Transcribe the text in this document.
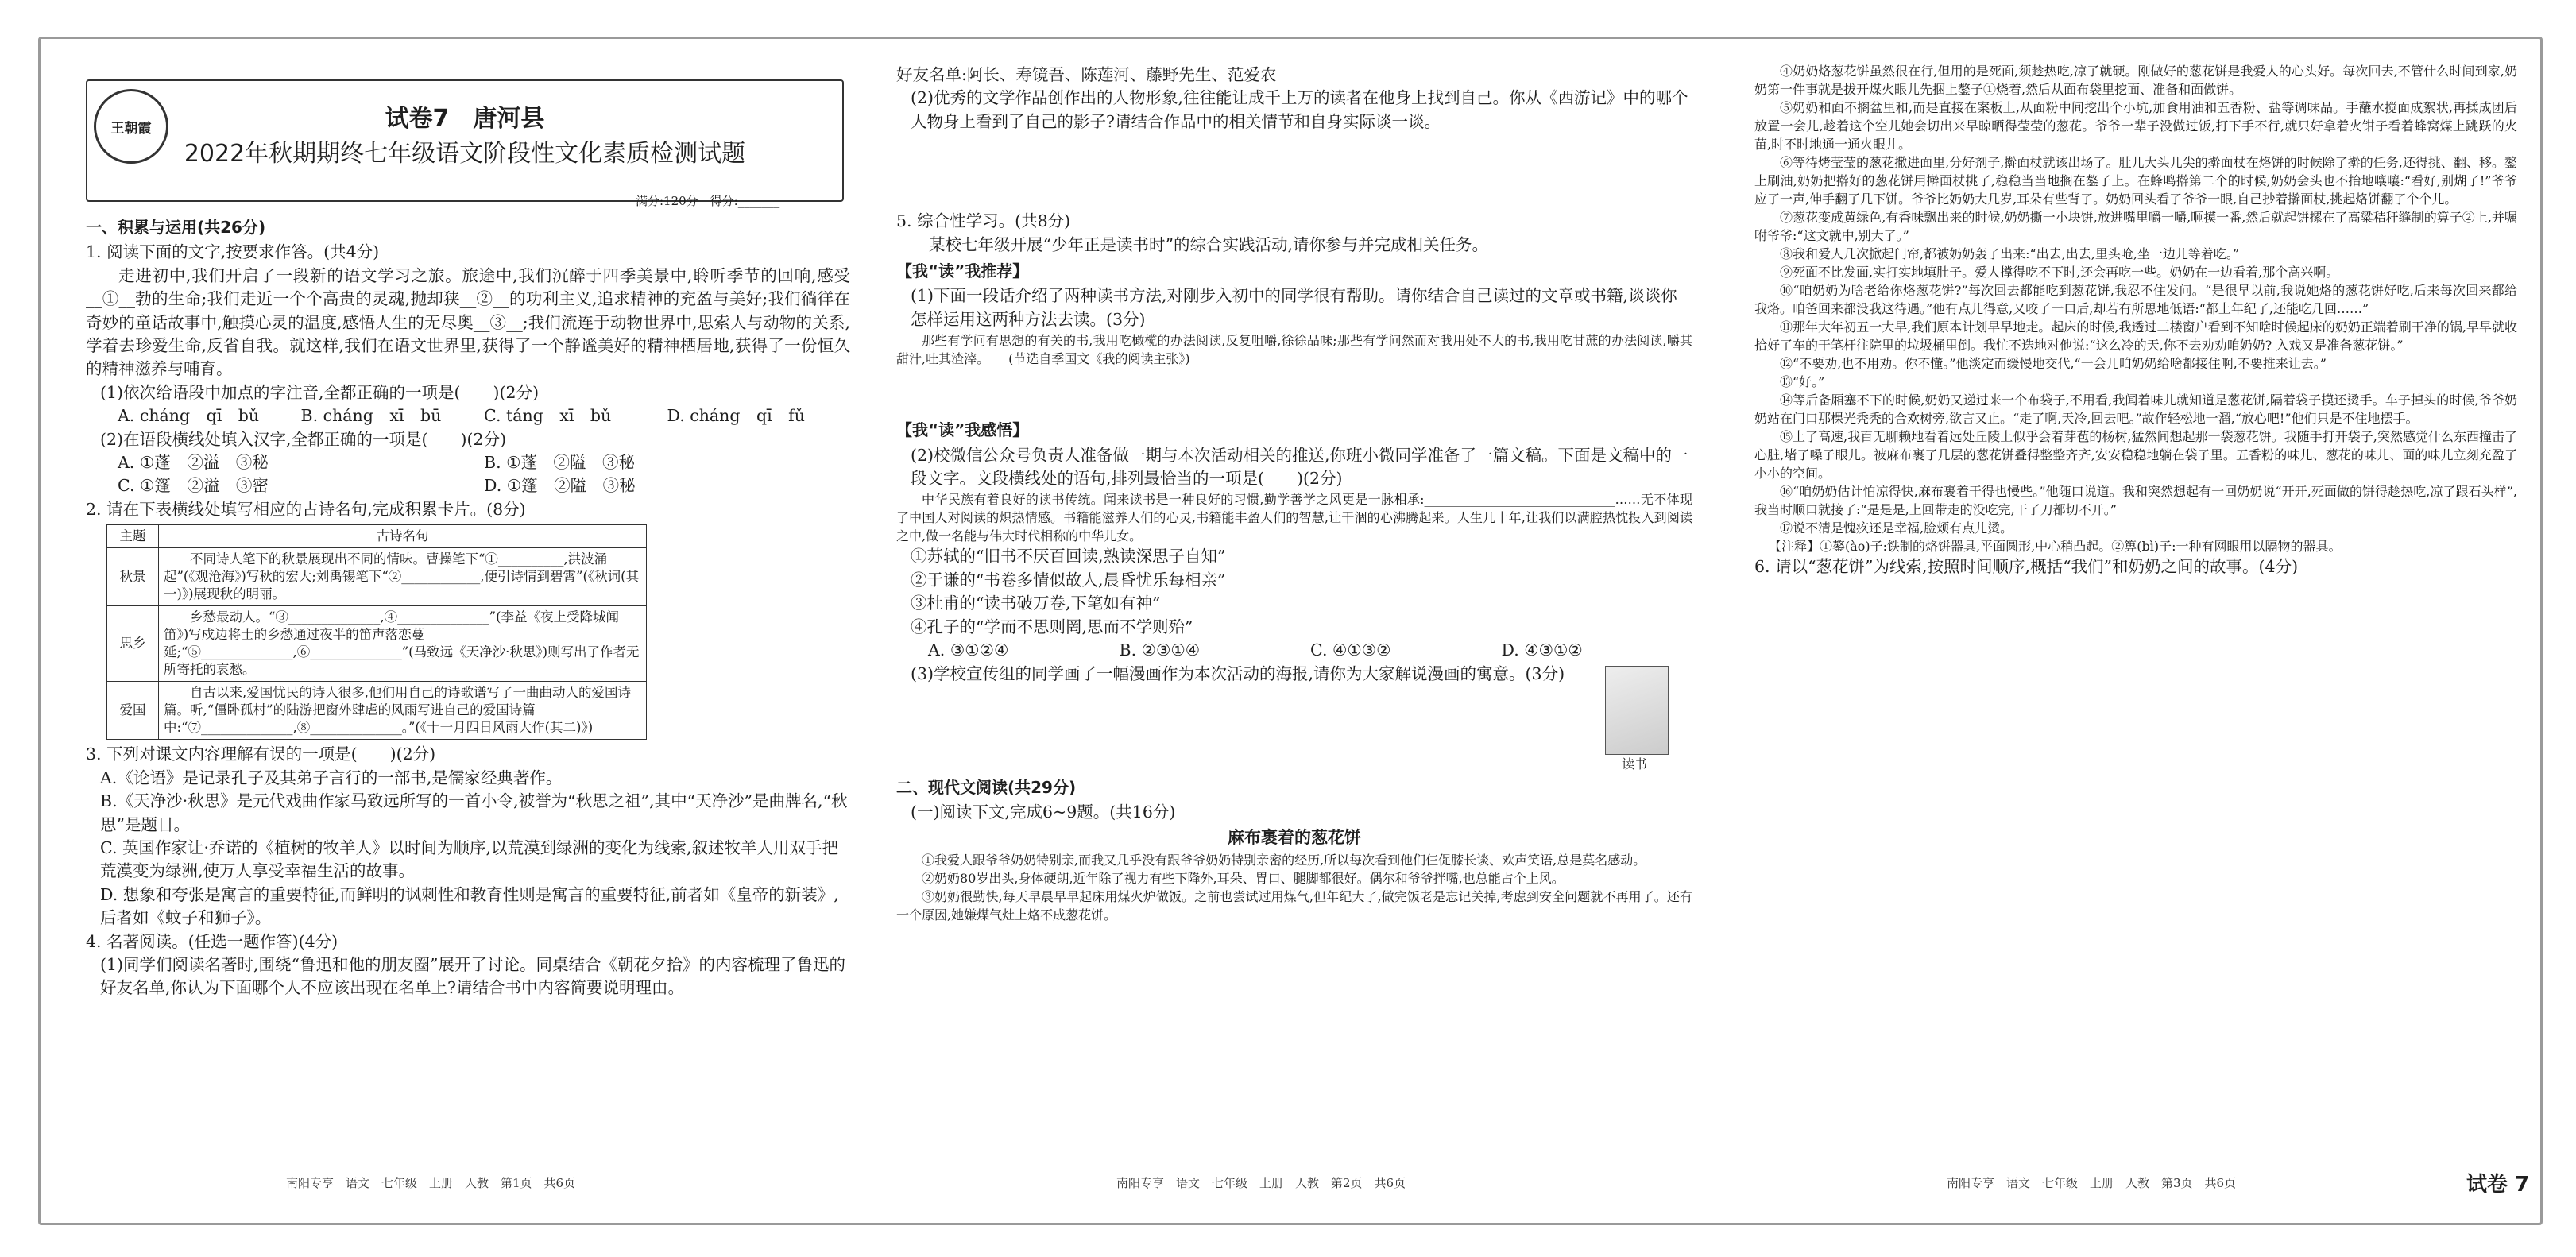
王朝霞	试卷7　唐河县
2022年秋期期终七年级语文阶段性文化素质检测试题
满分:120分　得分:_______

一、积累与运用(共26分)

1. 阅读下面的文字,按要求作答。(共4分)

走进初中,我们开启了一段新的语文学习之旅。旅途中,我们沉醉于四季美景中,聆听季节的回响,感受__①__勃的生命;我们走近一个个高贵的灵魂,抛却狭__②__的功利主义,追求精神的充盈与美好;我们徜徉在奇妙的童话故事中,触摸心灵的温度,感悟人生的无尽奥__③__;我们流连于动物世界中,思索人与动物的关系,学着去珍爱生命,反省自我。就这样,我们在语文世界里,获得了一个静谧美好的精神栖居地,获得了一份恒久的精神滋养与哺育。

(1)依次给语段中加点的字注音,全都正确的一项是(　　)(2分)

A. cháng　qī　bǔ	B. cháng　xī　bū	C. táng　xī　bǔ	D. cháng　qī　fǔ

(2)在语段横线处填入汉字,全都正确的一项是(　　)(2分)

A. ①蓬　②溢　③秘	B. ①蓬　②隘　③秘
C. ①篷　②溢　③密	D. ①篷　②隘　③秘

2. 请在下表横线处填写相应的古诗名句,完成积累卡片。(8分)

主题	古诗名句
秋景	不同诗人笔下的秋景展现出不同的情味。曹操笔下“①__________,洪波涌起”(《观沧海》)写秋的宏大;刘禹锡笔下“②____________,便引诗情到碧霄”(《秋词(其一)》)展现秋的明丽。
思乡	乡愁最动人。“③______________,④______________”(李益《夜上受降城闻笛》)写戍边将士的乡愁通过夜半的笛声落恋蔓延;“⑤______________,⑥______________”(马致远《天净沙·秋思》)则写出了作者无所寄托的哀愁。
爱国	自古以来,爱国忧民的诗人很多,他们用自己的诗歌谱写了一曲曲动人的爱国诗篇。听,“僵卧孤村”的陆游把窗外肆虐的风雨写进自己的爱国诗篇中:“⑦______________,⑧______________。”(《十一月四日风雨大作(其二)》)

3. 下列对课文内容理解有误的一项是(　　)(2分)

A.《论语》是记录孔子及其弟子言行的一部书,是儒家经典著作。

B.《天净沙·秋思》是元代戏曲作家马致远所写的一首小令,被誉为“秋思之祖”,其中“天净沙”是曲牌名,“秋思”是题目。

C. 英国作家让·乔诺的《植树的牧羊人》以时间为顺序,以荒漠到绿洲的变化为线索,叙述牧羊人用双手把荒漠变为绿洲,使万人享受幸福生活的故事。

D. 想象和夸张是寓言的重要特征,而鲜明的讽刺性和教育性则是寓言的重要特征,前者如《皇帝的新装》,后者如《蚊子和狮子》。

4. 名著阅读。(任选一题作答)(4分)

(1)同学们阅读名著时,围绕“鲁迅和他的朋友圈”展开了讨论。同桌结合《朝花夕拾》的内容梳理了鲁迅的好友名单,你认为下面哪个人不应该出现在名单上?请结合书中内容简要说明理由。

好友名单:阿长、寿镜吾、陈莲河、藤野先生、范爱农

(2)优秀的文学作品创作出的人物形象,往往能让成千上万的读者在他身上找到自己。你从《西游记》中的哪个人物身上看到了自己的影子?请结合作品中的相关情节和自身实际谈一谈。

5. 综合性学习。(共8分)

某校七年级开展“少年正是读书时”的综合实践活动,请你参与并完成相关任务。

【我“读”我推荐】

(1)下面一段话介绍了两种读书方法,对刚步入初中的同学很有帮助。请你结合自己读过的文章或书籍,谈谈你怎样运用这两种方法去读。(3分)

那些有学问有思想的有关的书,我用吃橄榄的办法阅读,反复咀嚼,徐徐品味;那些有学问然而对我用处不大的书,我用吃甘蔗的办法阅读,嚼其甜汁,吐其渣滓。　　(节选自季国文《我的阅读主张》)

【我“读”我感悟】

(2)校微信公众号负责人准备做一期与本次活动相关的推送,你班小微同学准备了一篇文稿。下面是文稿中的一段文字。文段横线处的语句,排列最恰当的一项是(　　)(2分)

中华民族有着良好的读书传统。闻来读书是一种良好的习惯,勤学善学之风更是一脉相承:______________________________……无不体现了中国人对阅读的炽热情感。书籍能滋养人们的心灵,书籍能丰盈人们的智慧,让干涸的心沸腾起来。人生几十年,让我们以满腔热忱投入到阅读之中,做一名能与伟大时代相称的中华儿女。

①苏轼的“旧书不厌百回读,熟读深思子自知”

②于谦的“书卷多情似故人,晨昏忧乐每相亲”

③杜甫的“读书破万卷,下笔如有神”

④孔子的“学而不思则罔,思而不学则殆”

A. ③①②④	B. ②③①④	C. ④①③②	D. ④③①②
读书

(3)学校宣传组的同学画了一幅漫画作为本次活动的海报,请你为大家解说漫画的寓意。(3分)

二、现代文阅读(共29分)

(一)阅读下文,完成6~9题。(共16分)

麻布裹着的葱花饼

①我爱人跟爷爷奶奶特别亲,而我又几乎没有跟爷爷奶奶特别亲密的经历,所以每次看到他们仨促膝长谈、欢声笑语,总是莫名感动。

②奶奶80岁出头,身体硬朗,近年除了视力有些下降外,耳朵、胃口、腿脚都很好。偶尔和爷爷拌嘴,也总能占个上风。

③奶奶很勤快,每天早晨早早起床用煤火炉做饭。之前也尝试过用煤气,但年纪大了,做完饭老是忘记关掉,考虑到安全问题就不再用了。还有一个原因,她嫌煤气灶上烙不成葱花饼。

④奶奶烙葱花饼虽然很在行,但用的是死面,须趁热吃,凉了就硬。刚做好的葱花饼是我爱人的心头好。每次回去,不管什么时间到家,奶奶第一件事就是拔开煤火眼儿先捆上鏊子①烧着,然后从面布袋里挖面、准备和面做饼。

⑤奶奶和面不搁盆里和,而是直接在案板上,从面粉中间挖出个小坑,加食用油和五香粉、盐等调味品。手蘸水搅面成絮状,再揉成团后放置一会儿,趁着这个空儿她会切出来早晾晒得莹莹的葱花。爷爷一辈子没做过饭,打下手不行,就只好拿着火钳子看着蜂窝煤上跳跃的火苗,时不时地通一通火眼儿。

⑥等待烤莹莹的葱花撒进面里,分好剂子,擀面杖就该出场了。肚儿大头儿尖的擀面杖在烙饼的时候除了擀的任务,还得挑、翻、移。鏊上刷油,奶奶把擀好的葱花饼用擀面杖挑了,稳稳当当地搁在鏊子上。在蜂鸣擀第二个的时候,奶奶会头也不抬地嚷嚷:“看好,别煳了!”爷爷应了一声,伸手翻了几下饼。爷爷比奶奶大几岁,耳朵有些背了。奶奶回头看了爷爷一眼,自己抄着擀面杖,挑起烙饼翻了个个儿。

⑦葱花变成黄绿色,有香味飘出来的时候,奶奶撕一小块饼,放进嘴里嚼一嚼,咂摸一番,然后就起饼摞在了高粱秸秆缝制的箅子②上,并嘱咐爷爷:“这文就中,别大了。”

⑧我和爱人几次掀起门帘,都被奶奶轰了出来:“出去,出去,里头呛,坐一边儿等着吃。”

⑨死面不比发面,实打实地填肚子。爱人撑得吃不下时,还会再吃一些。奶奶在一边看着,那个高兴啊。

⑩“咱奶奶为啥老给你烙葱花饼?”每次回去都能吃到葱花饼,我忍不住发问。“是很早以前,我说她烙的葱花饼好吃,后来每次回来都给我烙。咱爸回来都没我这待遇。”他有点儿得意,又咬了一口后,却若有所思地低语:“都上年纪了,还能吃几回……”

⑪那年大年初五一大早,我们原本计划早早地走。起床的时候,我透过二楼窗户看到不知啥时候起床的奶奶正端着刷干净的锅,早早就收拾好了车的干笔杆往院里的垃圾桶里倒。我忙不迭地对他说:“这么冷的天,你不去劝劝咱奶奶? 入戏又是准备葱花饼。”

⑫“不要劝,也不用劝。你不懂。”他淡定而缓慢地交代,“一会儿咱奶奶给啥都接住啊,不要推来让去。”

⑬“好。”

⑭等后备厢塞不下的时候,奶奶又递过来一个布袋子,不用看,我闻着味儿就知道是葱花饼,隔着袋子摸还烫手。车子掉头的时候,爷爷奶奶站在门口那棵光秃秃的合欢树旁,欲言又止。“走了啊,天冷,回去吧。”故作轻松地一溜,“放心吧!”他们只是不住地摆手。

⑮上了高速,我百无聊赖地看着远处丘陵上似乎会着芽苞的杨树,猛然间想起那一袋葱花饼。我随手打开袋子,突然感觉什么东西撞击了心脏,堵了嗓子眼儿。被麻布裹了几层的葱花饼叠得整整齐齐,安安稳稳地躺在袋子里。五香粉的味儿、葱花的味儿、面的味儿立刻充盈了小小的空间。

⑯“咱奶奶估计怕凉得快,麻布裹着干得也慢些。”他随口说道。我和突然想起有一回奶奶说“开开,死面做的饼得趁热吃,凉了跟石头样”,我当时顺口就接了:“是是是,上回带走的没吃完,干了刀都切不开。”

⑰说不清是愧疚还是幸福,脸颊有点儿烫。

【注释】①鏊(ào)子:铁制的烙饼器具,平面圆形,中心稍凸起。②箅(bì)子:一种有网眼用以隔物的器具。

6. 请以“葱花饼”为线索,按照时间顺序,概括“我们”和奶奶之间的故事。(4分)

南阳专享　语文　七年级　上册　人教　第1页　共6页	南阳专享　语文　七年级　上册　人教　第2页　共6页	南阳专享　语文　七年级　上册　人教　第3页　共6页	试卷 7
